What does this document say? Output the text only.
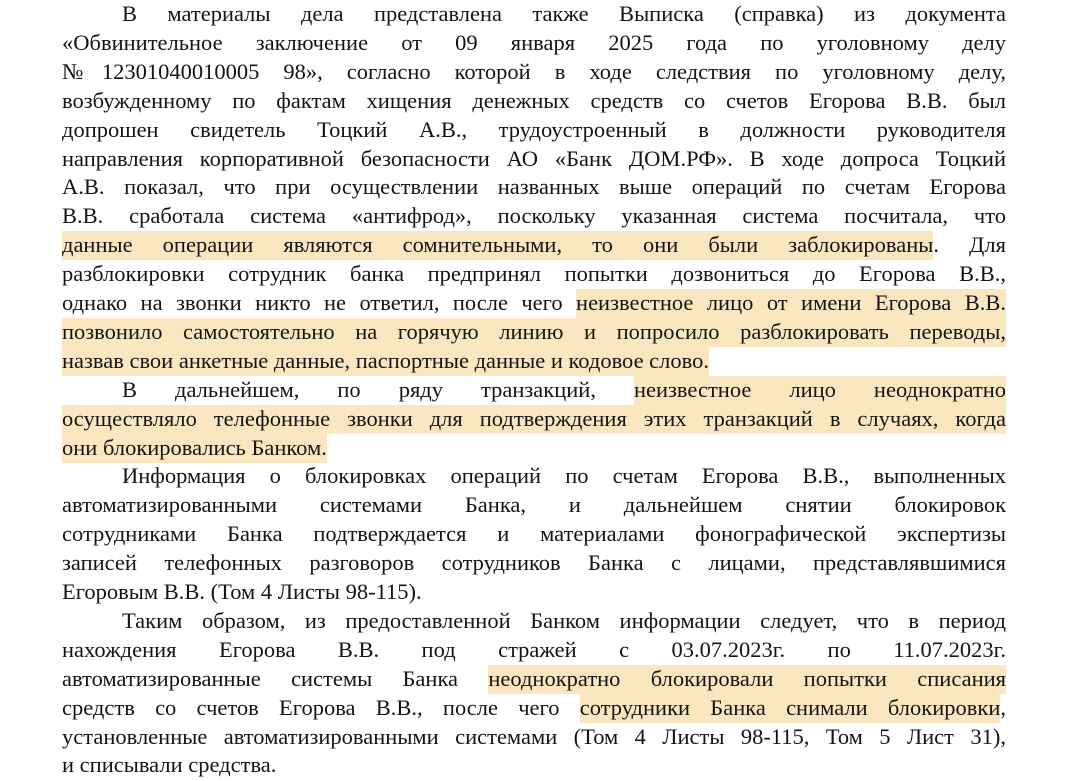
В материалы дела представлена также Выписка (справка) из документа
«Обвинительное заключение от 09 января 2025 года по уголовному делу
№12301040010005 98», согласно которой в ходе следствия по уголовному делу,
возбужденному по фактам хищения денежных средств со счетов Егорова В.В. был
допрошен свидетель Тоцкий А.В., трудоустроенный в должности руководителя
направления корпоративной безопасности АО «Банк ДОМ.РФ». В ходе допроса Тоцкий
А.В. показал, что при осуществлении названных выше операций по счетам Егорова
В.В. сработала система «антифрод», поскольку указанная система посчитала, что
данные операции являются сомнительными, то они были заблокированы. Для
разблокировки сотрудник банка предпринял попытки дозвониться до Егорова В.В.,
однако на звонки никто не ответил, после чего неизвестное лицо от имени Егорова В.В.
позвонило самостоятельно на горячую линию и попросило разблокировать переводы,
назвав свои анкетные данные, паспортные данные и кодовое слово.
В дальнейшем, по ряду транзакций, неизвестное лицо неоднократно
осуществляло телефонные звонки для подтверждения этих транзакций в случаях, когда
они блокировались Банком.
Информация о блокировках операций по счетам Егорова В.В., выполненных
автоматизированными системами Банка, и дальнейшем снятии блокировок
сотрудниками Банка подтверждается и материалами фонографической экспертизы
записей телефонных разговоров сотрудников Банка с лицами, представлявшимися
Егоровым В.В. (Том 4 Листы 98-115).
Таким образом, из предоставленной Банком информации следует, что в период
нахождения Егорова В.В. под стражей с 03.07.2023г. по 11.07.2023г.
автоматизированные системы Банка неоднократно блокировали попытки списания
средств со счетов Егорова В.В., после чего сотрудники Банка снимали блокировки,
установленные автоматизированными системами (Том 4 Листы 98-115, Том 5 Лист 31),
и списывали средства.
